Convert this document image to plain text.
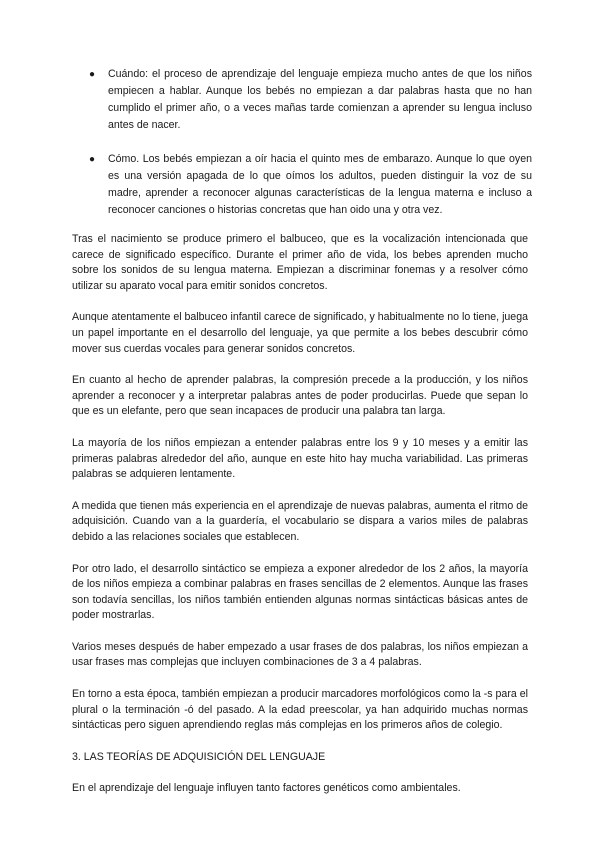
● Cuándo: el proceso de aprendizaje del lenguaje empieza mucho antes de que los niños empiecen a hablar. Aunque los bebés no empiezan a dar palabras hasta que no han cumplido el primer año, o a veces mañas tarde comienzan a aprender su lengua incluso antes de nacer.
● Cómo. Los bebés empiezan a oír hacia el quinto mes de embarazo. Aunque lo que oyen es una versión apagada de lo que oímos los adultos, pueden distinguir la voz de su madre, aprender a reconocer algunas características de la lengua materna e incluso a reconocer canciones o historias concretas que han oido una y otra vez.

Tras el nacimiento se produce primero el balbuceo, que es la vocalización intencionada que carece de significado específico. Durante el primer año de vida, los bebes aprenden mucho sobre los sonidos de su lengua materna. Empiezan a discriminar fonemas y a resolver cómo utilizar su aparato vocal para emitir sonidos concretos.

Aunque atentamente el balbuceo infantil carece de significado, y habitualmente no lo tiene, juega un papel importante en el desarrollo del lenguaje, ya que permite a los bebes descubrir cómo mover sus cuerdas vocales para generar sonidos concretos.

En cuanto al hecho de aprender palabras, la compresión precede a la producción, y los niños aprender a reconocer y a interpretar palabras antes de poder producirlas. Puede que sepan lo que es un elefante, pero que sean incapaces de producir una palabra tan larga.

La mayoría de los niños empiezan a entender palabras entre los 9 y 10 meses y a emitir las primeras palabras alrededor del año, aunque en este hito hay mucha variabilidad. Las primeras palabras se adquieren lentamente.

A medida que tienen más experiencia en el aprendizaje de nuevas palabras, aumenta el ritmo de adquisición. Cuando van a la guardería, el vocabulario se dispara a varios miles de palabras debido a las relaciones sociales que establecen.

Por otro lado, el desarrollo sintáctico se empieza a exponer alrededor de los 2 años, la mayoría de los niños empieza a combinar palabras en frases sencillas de 2 elementos. Aunque las frases son todavía sencillas, los niños también entienden algunas normas sintácticas básicas antes de poder mostrarlas.

Varios meses después de haber empezado a usar frases de dos palabras, los niños empiezan a usar frases mas complejas que incluyen combinaciones de 3 a 4 palabras.

En torno a esta época, también empiezan a producir marcadores morfológicos como la -s para el plural o la terminación -ó del pasado. A la edad preescolar, ya han adquirido muchas normas sintácticas pero siguen aprendiendo reglas más complejas en los primeros años de colegio.

3. LAS TEORÍAS DE ADQUISICIÓN DEL LENGUAJE

En el aprendizaje del lenguaje influyen tanto factores genéticos como ambientales.
